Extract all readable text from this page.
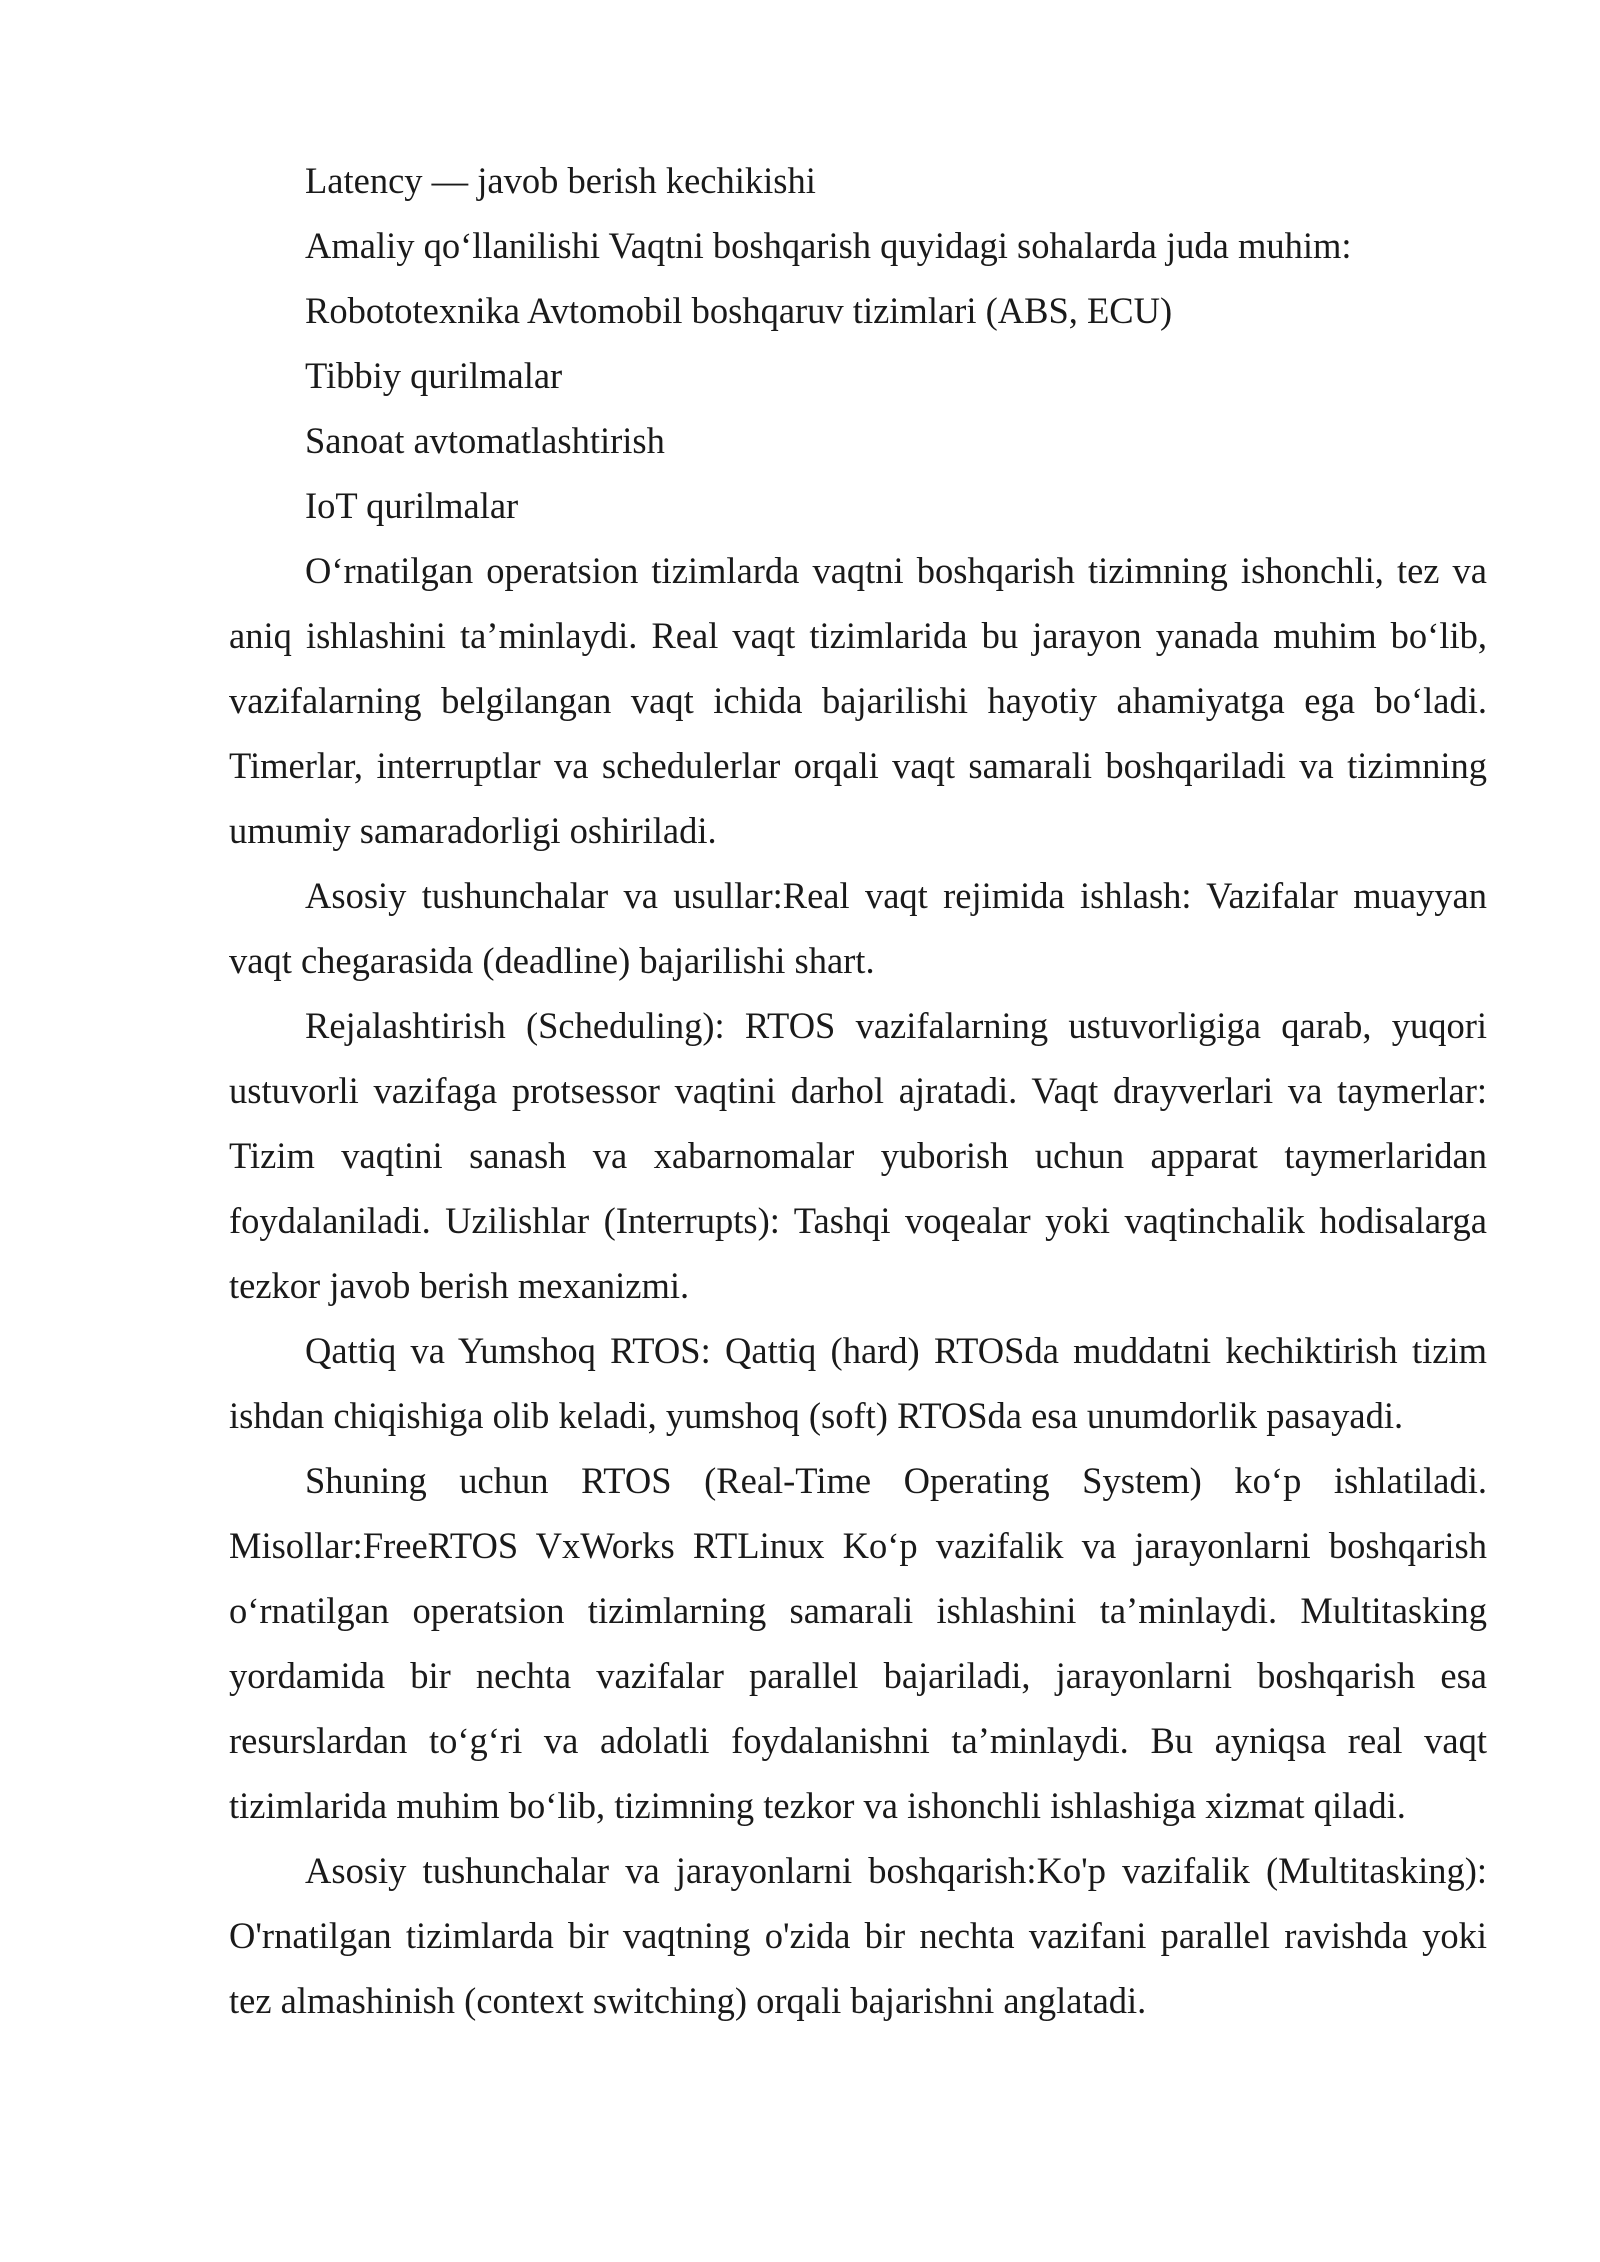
Latency — javob berish kechikishi

Amaliy qo‘llanilishi Vaqtni boshqarish quyidagi sohalarda juda muhim:

Robototexnika Avtomobil boshqaruv tizimlari (ABS, ECU)

Tibbiy qurilmalar

Sanoat avtomatlashtirish

IoT qurilmalar

O‘rnatilgan operatsion tizimlarda vaqtni boshqarish tizimning ishonchli, tez va aniq ishlashini ta’minlaydi. Real vaqt tizimlarida bu jarayon yanada muhim bo‘lib, vazifalarning belgilangan vaqt ichida bajarilishi hayotiy ahamiyatga ega bo‘ladi. Timerlar, interruptlar va schedulerlar orqali vaqt samarali boshqariladi va tizimning umumiy samaradorligi oshiriladi.

Asosiy tushunchalar va usullar:Real vaqt rejimida ishlash: Vazifalar muayyan vaqt chegarasida (deadline) bajarilishi shart.

Rejalashtirish (Scheduling): RTOS vazifalarning ustuvorligiga qarab, yuqori ustuvorli vazifaga protsessor vaqtini darhol ajratadi. Vaqt drayverlari va taymerlar: Tizim vaqtini sanash va xabarnomalar yuborish uchun apparat taymerlaridan foydalaniladi. Uzilishlar (Interrupts): Tashqi voqealar yoki vaqtinchalik hodisalarga tezkor javob berish mexanizmi.

Qattiq va Yumshoq RTOS: Qattiq (hard) RTOSda muddatni kechiktirish tizim ishdan chiqishiga olib keladi, yumshoq (soft) RTOSda esa unumdorlik pasayadi.

Shuning uchun RTOS (Real-Time Operating System) ko‘p ishlatiladi. Misollar:FreeRTOS VxWorks RTLinux Ko‘p vazifalik va jarayonlarni boshqarish o‘rnatilgan operatsion tizimlarning samarali ishlashini ta’minlaydi. Multitasking yordamida bir nechta vazifalar parallel bajariladi, jarayonlarni boshqarish esa resurslardan to‘g‘ri va adolatli foydalanishni ta’minlaydi. Bu ayniqsa real vaqt tizimlarida muhim bo‘lib, tizimning tezkor va ishonchli ishlashiga xizmat qiladi.

Asosiy tushunchalar va jarayonlarni boshqarish:Ko'p vazifalik (Multitasking): O'rnatilgan tizimlarda bir vaqtning o'zida bir nechta vazifani parallel ravishda yoki tez almashinish (context switching) orqali bajarishni anglatadi.
